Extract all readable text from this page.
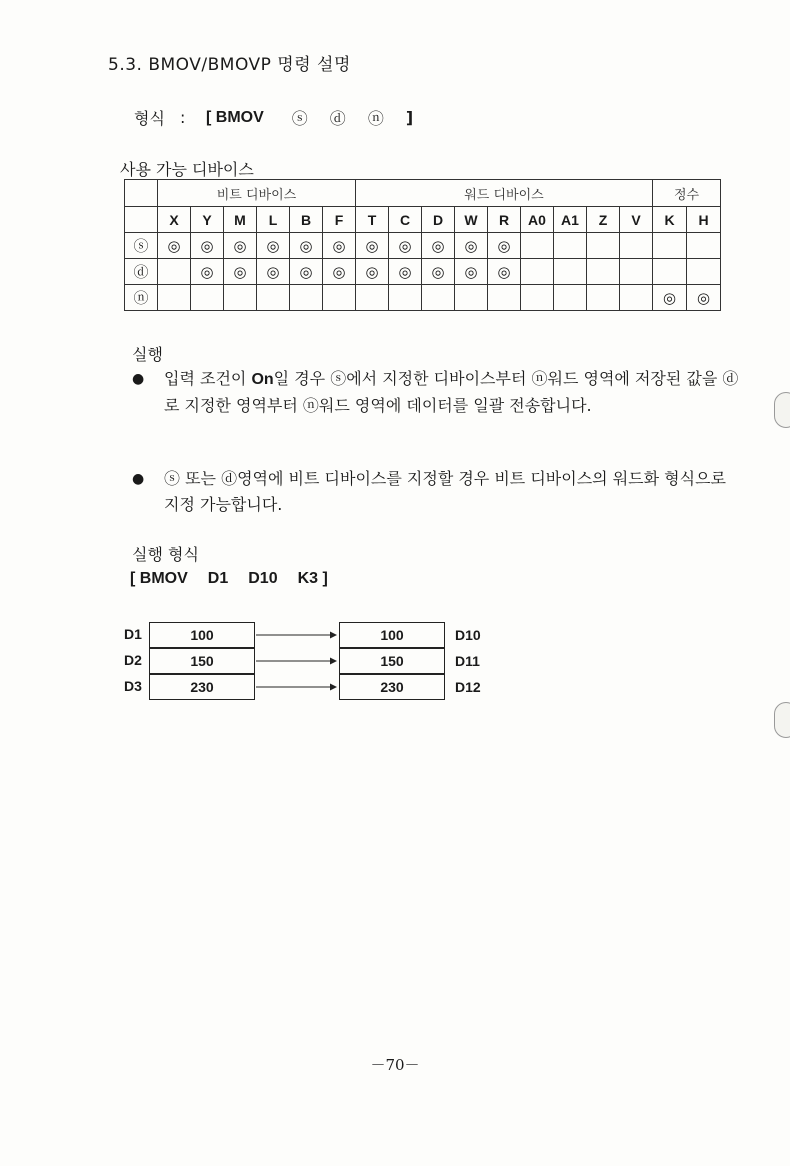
5.3. BMOV/BMOVP 명령 설명
형식 :	[ BMOV ⓢ ⓓ ⓝ ]
사용 가능 디바이스
	비트 디바이스						워드 디바이스									정수	
	X	Y	M	L	B	F	T	C	D	W	R	A0	A1	Z	V	K	H
ⓢ	◎	◎	◎	◎	◎	◎	◎	◎	◎	◎	◎						
ⓓ		◎	◎	◎	◎	◎	◎	◎	◎	◎	◎						
ⓝ																◎	◎
실행
● 입력 조건이 On일 경우 ⓢ에서 지정한 디바이스부터 ⓝ워드 영역에 저장된 값을 ⓓ로 지정한 영역부터 ⓝ워드 영역에 데이터를 일괄 전송합니다.
● ⓢ 또는 ⓓ영역에 비트 디바이스를 지정할 경우 비트 디바이스의 워드화 형식으로 지정 가능합니다.
실행 형식
[ BMOV D1 D10 K3 ]
D1
D2
D3
100
150
230
100
150
230
D10
D11
D12
－70－
